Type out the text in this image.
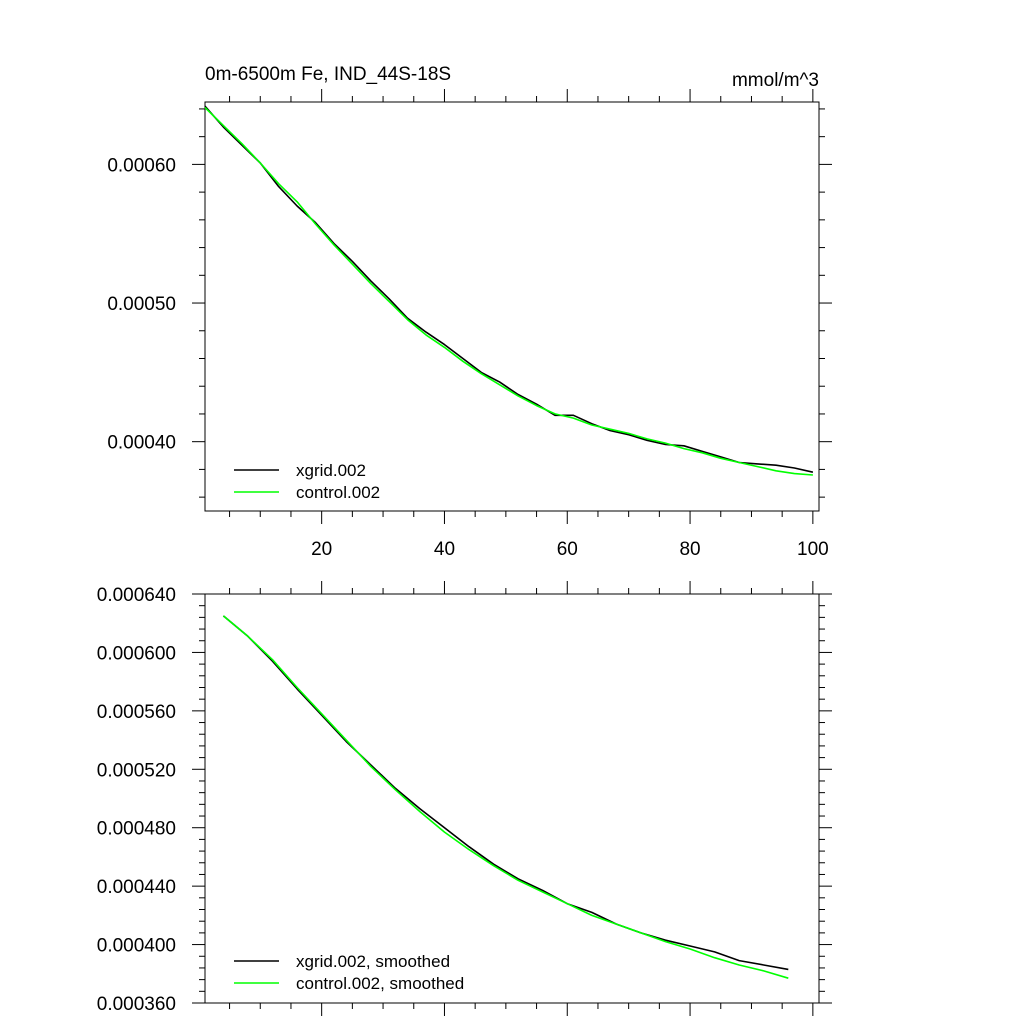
20	40	60	80	100
0.00040
0.00050
0.00060
xgrid.002
control.002
0m-6500m Fe, IND_44S-18S	mmol/m^3
0.000360
0.000400
0.000440
0.000480
0.000520
0.000560
0.000600
0.000640
xgrid.002, smoothed
control.002, smoothed
